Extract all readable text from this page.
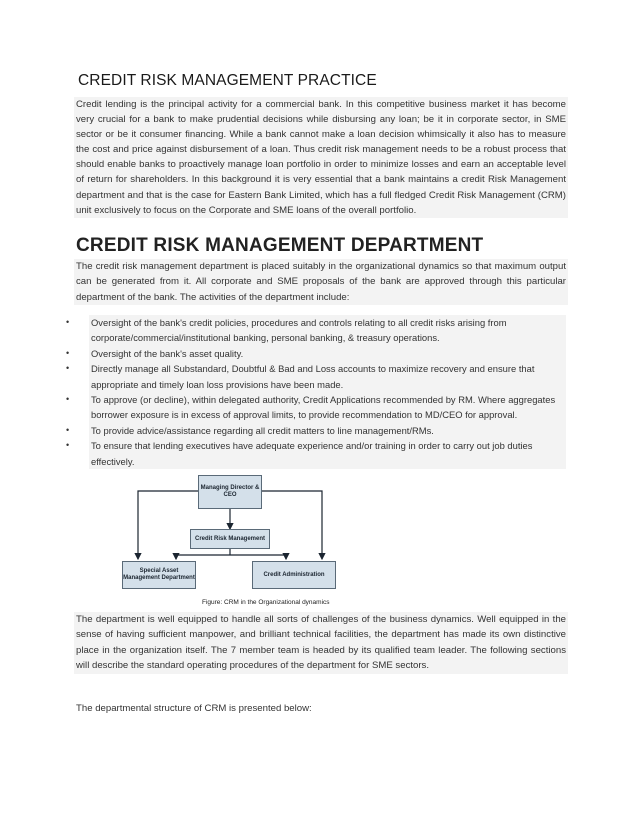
CREDIT RISK MANAGEMENT PRACTICE
Credit lending is the principal activity for a commercial bank. In this competitive business market it has become very crucial for a bank to make prudential decisions while disbursing any loan; be it in corporate sector, in SME sector or be it consumer financing. While a bank cannot make a loan decision whimsically it also has to measure the cost and price against disbursement of a loan. Thus credit risk management needs to be a robust process that should enable banks to proactively manage loan portfolio in order to minimize losses and earn an acceptable level of return for shareholders. In this background it is very essential that a bank maintains a credit Risk Management department and that is the case for Eastern Bank Limited, which has a full fledged Credit Risk Management (CRM) unit exclusively to focus on the Corporate and SME loans of the overall portfolio.
CREDIT RISK MANAGEMENT DEPARTMENT
The credit risk management department is placed suitably in the organizational dynamics so that maximum output can be generated from it. All corporate and SME proposals of the bank are approved through this particular department of the bank. The activities of the department include:
• Oversight of the bank's credit policies, procedures and controls relating to all credit risks arising from corporate/commercial/institutional banking, personal banking, & treasury operations.
• Oversight of the bank's asset quality.
• Directly manage all Substandard, Doubtful & Bad and Loss accounts to maximize recovery and ensure that appropriate and timely loan loss provisions have been made.
• To approve (or decline), within delegated authority, Credit Applications recommended by RM. Where aggregates borrower exposure is in excess of approval limits, to provide recommendation to MD/CEO for approval.
• To provide advice/assistance regarding all credit matters to line management/RMs.
• To ensure that lending executives have adequate experience and/or training in order to carry out job duties effectively.
Managing Director & CEO
Credit Risk Management
Special Asset Management Department
Credit Administration
Figure: CRM in the Organizational dynamics
The department is well equipped to handle all sorts of challenges of the business dynamics. Well equipped in the sense of having sufficient manpower, and brilliant technical facilities, the department has made its own distinctive place in the organization itself. The 7 member team is headed by its qualified team leader. The following sections will describe the standard operating procedures of the department for SME sectors.
The departmental structure of CRM is presented below:
